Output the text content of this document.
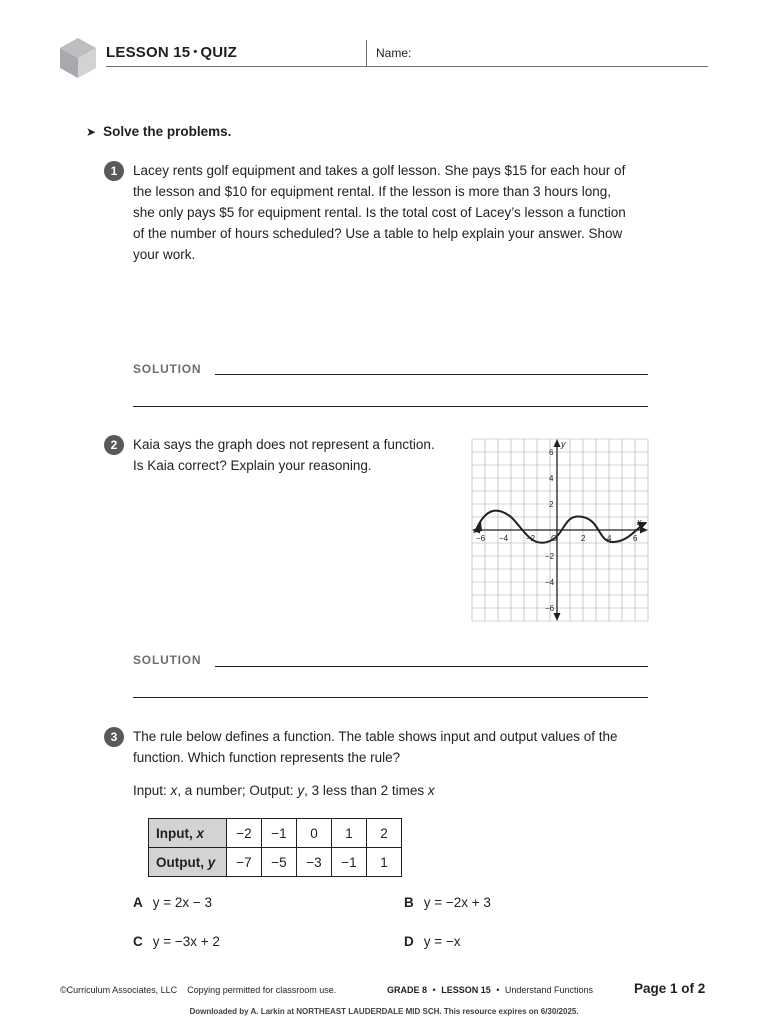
LESSON 15 • QUIZ	Name:
➤ Solve the problems.
1	Lacey rents golf equipment and takes a golf lesson. She pays $15 for each hour of
the lesson and $10 for equipment rental. If the lesson is more than 3 hours long,
she only pays $5 for equipment rental. Is the total cost of Lacey’s lesson a function
of the number of hours scheduled? Use a table to help explain your answer. Show
your work.
SOLUTION
2	Kaia says the graph does not represent a function.
Is Kaia correct? Explain your reasoning.
y
x
−6 −4 −2 O	2	4	6
6
4
2
−2
−4
−6
SOLUTION
3	The rule below defines a function. The table shows input and output values of the
function. Which function represents the rule?
Input: x, a number; Output: y, 3 less than 2 times x
Input, x	−2	−1	0	1	2
Output, y	−7	−5	−3	−1	1
A y = 2x − 3	B y = −2x + 3
C y = −3x + 2	D y = −x
©Curriculum Associates, LLC    Copying permitted for classroom use.	GRADE 8 • LESSON 15 • Understand Functions	Page 1 of 2
Downloaded by A. Larkin at NORTHEAST LAUDERDALE MID SCH. This resource expires on 6/30/2025.
